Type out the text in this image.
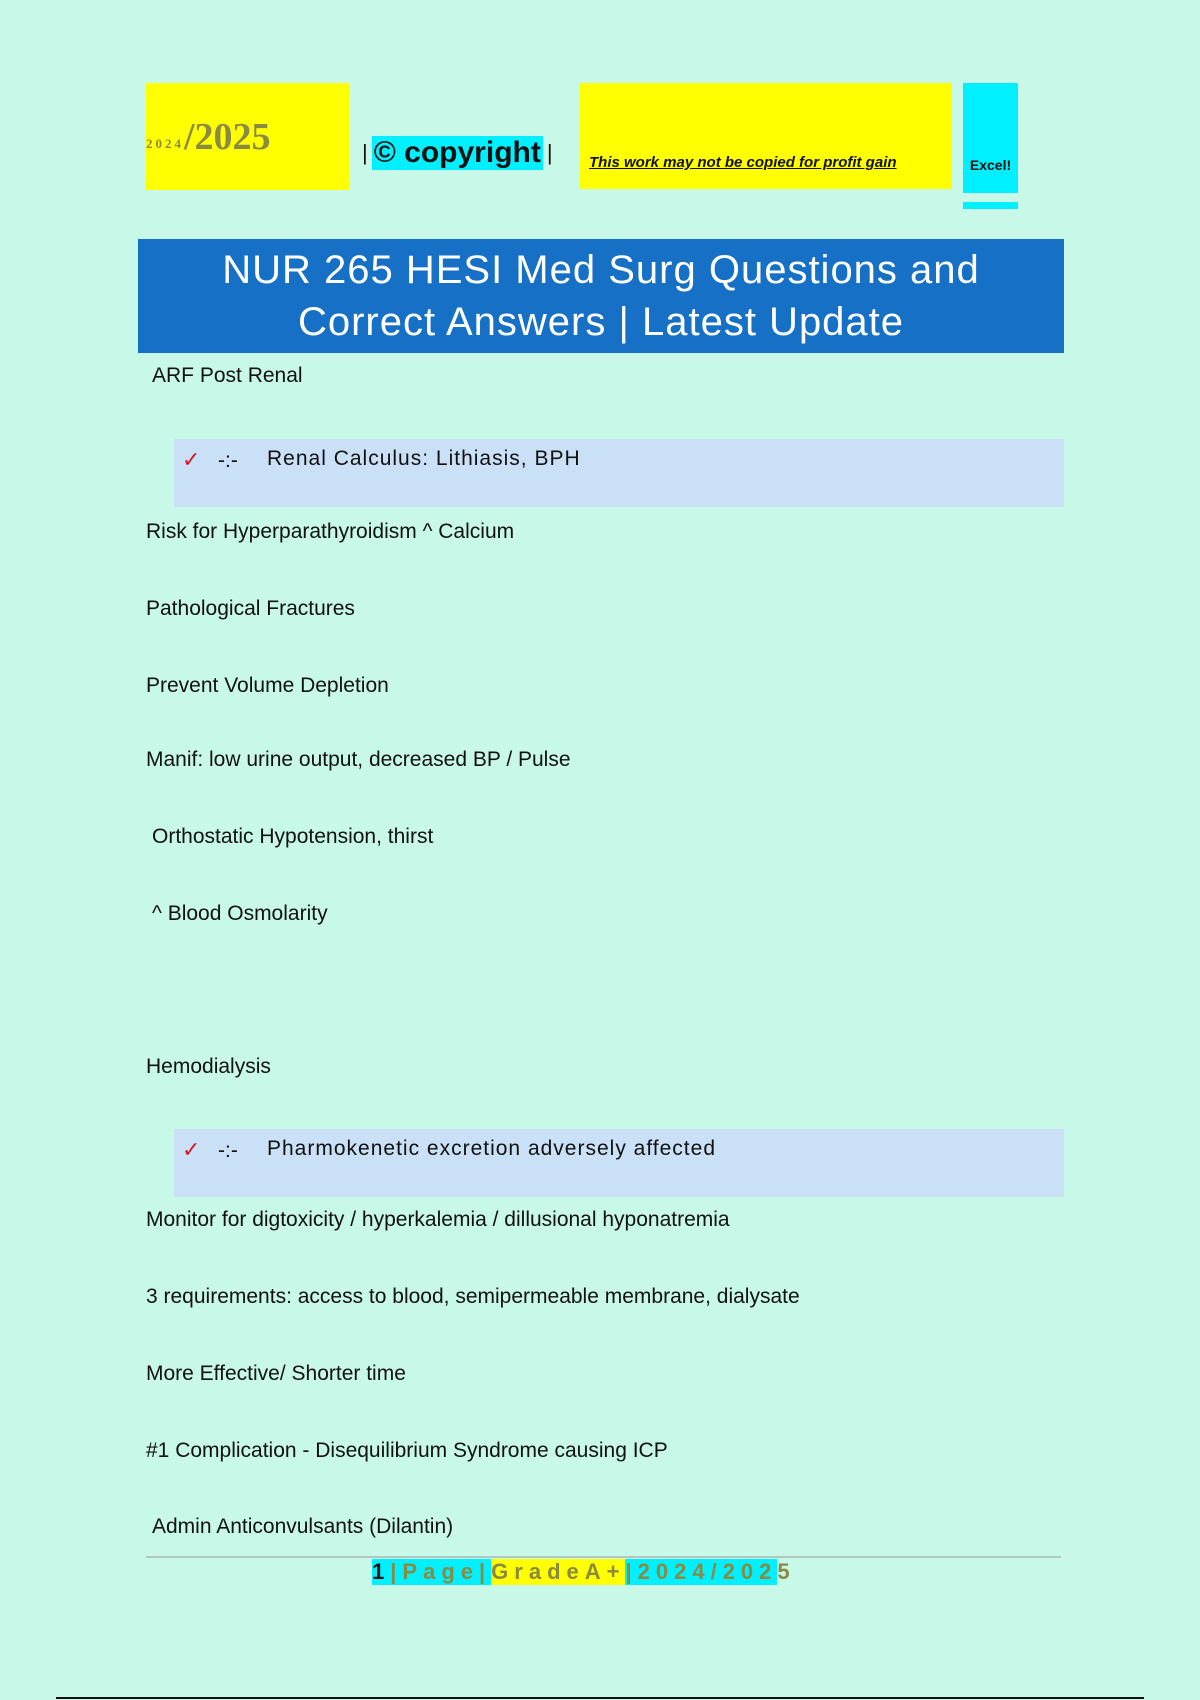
2024 /2025	| © copyright | This work may not be copied for profit gain	Excel!
NUR 265 HESI Med Surg Questions and
Correct Answers | Latest Update
ARF Post Renal
✓ -:- Renal Calculus: Lithiasis, BPH
Risk for Hyperparathyroidism ^ Calcium
Pathological Fractures
Prevent Volume Depletion
Manif: low urine output, decreased BP / Pulse
Orthostatic Hypotension, thirst
^ Blood Osmolarity
Hemodialysis
✓ -:- Pharmokenetic excretion adversely affected
Monitor for digtoxicity / hyperkalemia / dillusional hyponatremia
3 requirements: access to blood, semipermeable membrane, dialysate
More Effective/ Shorter time
#1 Complication - Disequilibrium Syndrome causing ICP
Admin Anticonvulsants (Dilantin)
1 |Page| GradeA+ |2024/202 5
